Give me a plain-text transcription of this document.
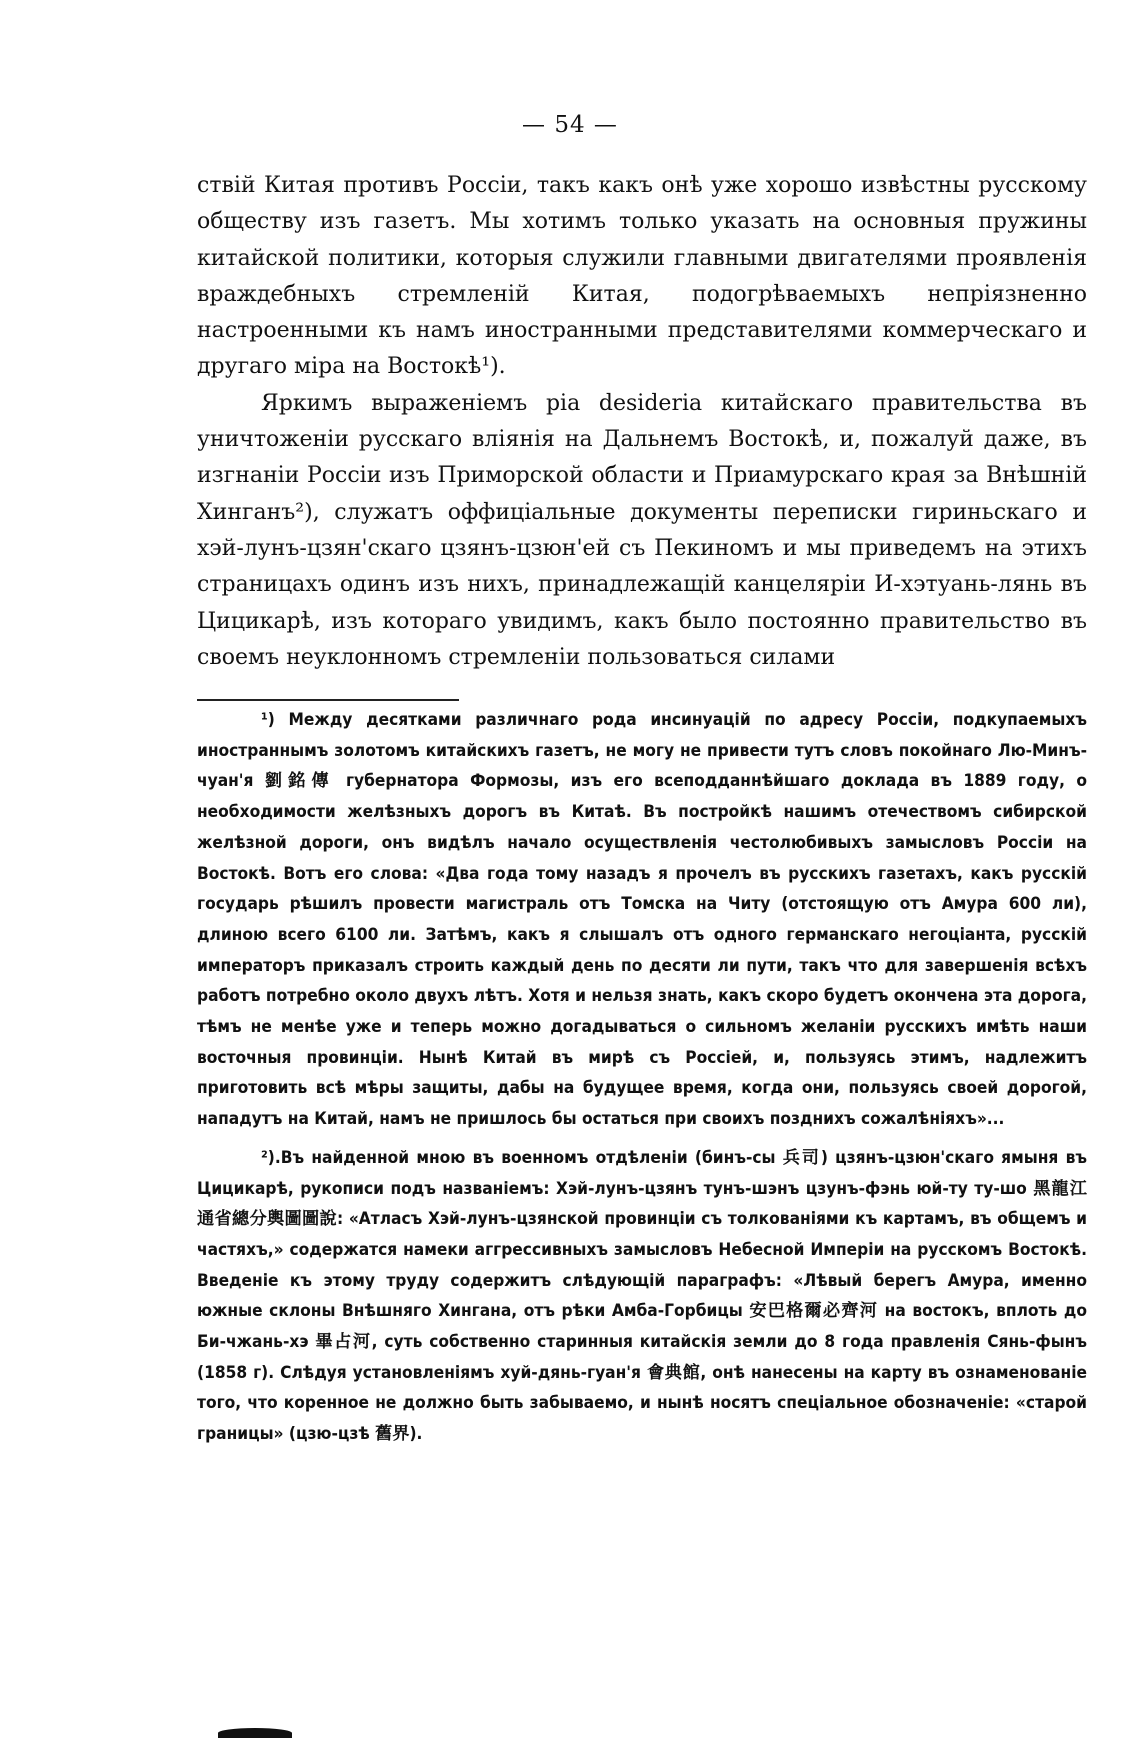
— 54 —

ствій Китая противъ Россіи, такъ какъ онѣ уже хорошо извѣстны русскому обществу изъ газетъ. Мы хотимъ только указать на основныя пружины китайской политики, которыя служили главными двигателями проявленія враждебныхъ стремленій Китая, подогрѣваемыхъ непріязненно настроенными къ намъ иностранными представителями коммерческаго и другаго міра на Востокѣ¹).

Яркимъ выраженіемъ pia desideria китайскаго правительства въ уничтоженіи русскаго вліянія на Дальнемъ Востокѣ, и, пожалуй даже, въ изгнаніи Россіи изъ Приморской области и Приамурскаго края за Внѣшній Хинганъ²), служатъ оффиціальные документы переписки гириньскаго и хэй-лунъ-цзян'скаго цзянъ-цзюн'ей съ Пекиномъ и мы приведемъ на этихъ страницахъ одинъ изъ нихъ, принадлежащій канцеляріи И-хэтуань-лянь въ Цицикарѣ, изъ котораго увидимъ, какъ было постоянно правительство въ своемъ неуклонномъ стремленіи пользоваться силами

¹) Между десятками различнаго рода инсинуацій по адресу Россіи, подкупаемыхъ иностраннымъ золотомъ китайскихъ газетъ, не могу не привести тутъ словъ покойнаго Лю-Минъ-чуан'я 劉銘傳 губернатора Формозы, изъ его всеподданнѣйшаго доклада въ 1889 году, о необходимости желѣзныхъ дорогъ въ Китаѣ. Въ постройкѣ нашимъ отечествомъ сибирской желѣзной дороги, онъ видѣлъ начало осуществленія честолюбивыхъ замысловъ Россіи на Востокѣ. Вотъ его слова: «Два года тому назадъ я прочелъ въ русскихъ газетахъ, какъ русскій государь рѣшилъ провести магистраль отъ Томска на Читу (отстоящую отъ Амура 600 ли), длиною всего 6100 ли. Затѣмъ, какъ я слышалъ отъ одного германскаго негоціанта, русскій императоръ приказалъ строить каждый день по десяти ли пути, такъ что для завершенія всѣхъ работъ потребно около двухъ лѣтъ. Хотя и нельзя знать, какъ скоро будетъ окончена эта дорога, тѣмъ не менѣе уже и теперь можно догадываться о сильномъ желаніи русскихъ имѣть наши восточныя провинціи. Нынѣ Китай въ мирѣ съ Россіей, и, пользуясь этимъ, надлежитъ приготовить всѣ мѣры защиты, дабы на будущее время, когда они, пользуясь своей дорогой, нападутъ на Китай, намъ не пришлось бы остаться при своихъ позднихъ сожалѣніяхъ»...

²).Въ найденной мною въ военномъ отдѣленіи (бинъ-сы 兵司) цзянъ-цзюн'скаго ямыня въ Цицикарѣ, рукописи подъ названіемъ: Хэй-лунъ-цзянъ тунъ-шэнъ цзунъ-фэнь юй-ту ту-шо 黑龍江通省總分輿圖圖說: «Атласъ Хэй-лунъ-цзянской провинціи съ толкованіями къ картамъ, въ общемъ и частяхъ,» содержатся намеки аггрессивныхъ замысловъ Небесной Имперіи на русскомъ Востокѣ. Введеніе къ этому труду содержитъ слѣдующій параграфъ: «Лѣвый берегъ Амура, именно южные склоны Внѣшняго Хингана, отъ рѣки Амба-Горбицы 安巴格爾必齊河 на востокъ, вплоть до Би-чжань-хэ 畢占河, суть собственно старинныя китайскія земли до 8 года правленія Сянь-фынъ (1858 г). Слѣдуя установленіямъ хуй-дянь-гуан'я 會典館, онѣ нанесены на карту въ ознаменованіе того, что коренное не должно быть забываемо, и нынѣ носятъ спеціальное обозначеніе: «старой границы» (цзю-цзѣ 舊界).
